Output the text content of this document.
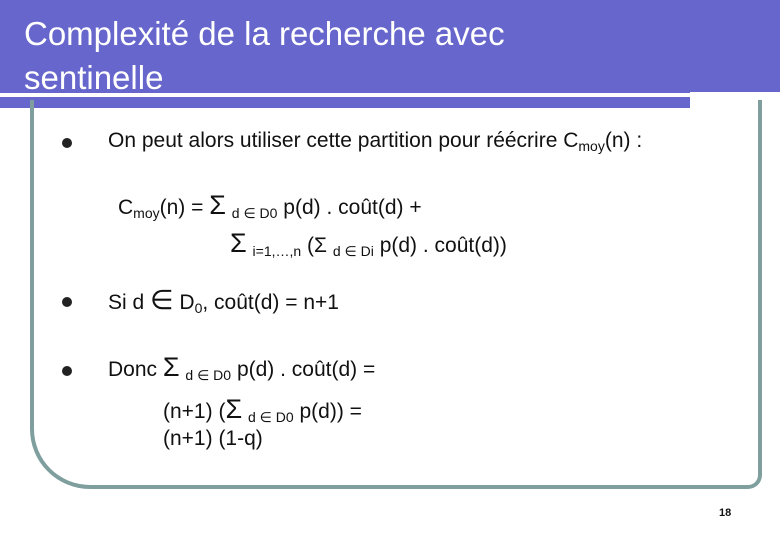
Complexité de la recherche avec
sentinelle
On peut alors utiliser cette partition pour réécrire $C_{moy}(n)$ :
$C_{moy}(n) = \Sigma$ $_{d \in D0}$ p(d) . coût(d) +
Σ $_{i=1,\dots,n}$ (Σ $_{d \in Di}$ p(d) . coût(d))
Si d ∈ $D_0$, coût(d) = n+1
Donc Σ $_{d \in D0}$ p(d) . coût(d) =
(n+1) (Σ $_{d \in D0}$ p(d)) =
(n+1) (1-q)
18
